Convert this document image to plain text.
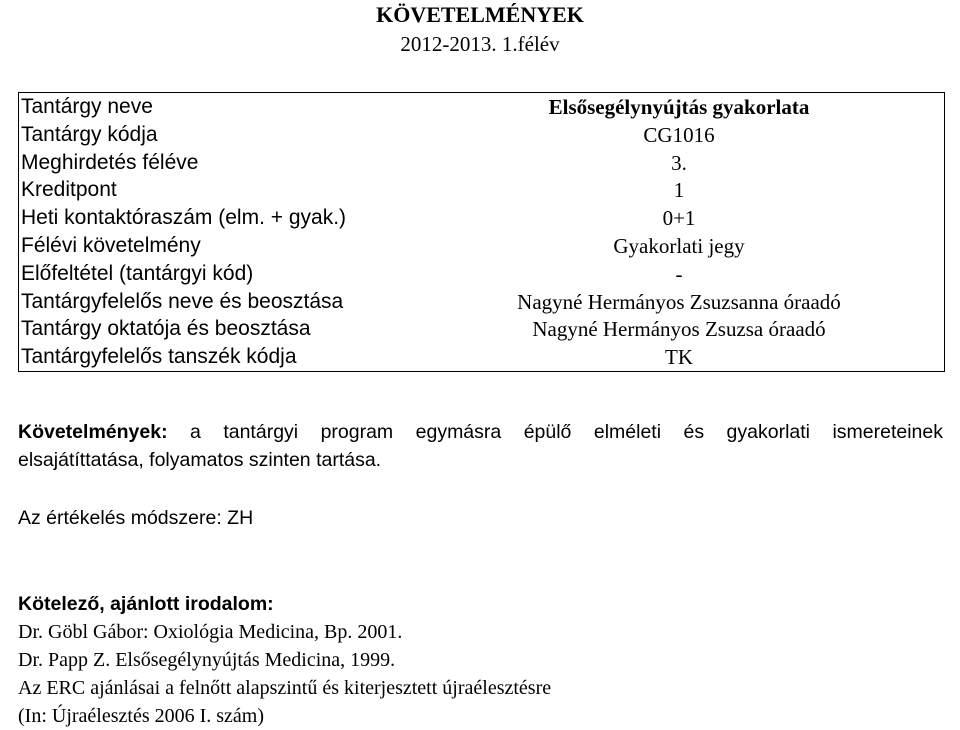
KÖVETELMÉNYEK
2012-2013. 1.félév
Tantárgy neve	Elsősegélynyújtás gyakorlata
Tantárgy kódja	CG1016
Meghirdetés féléve	3.
Kreditpont	1
Heti kontaktóraszám (elm. + gyak.)	0+1
Félévi követelmény	Gyakorlati jegy
Előfeltétel (tantárgyi kód)	-
Tantárgyfelelős neve és beosztása	Nagyné Hermányos Zsuzsanna óraadó
Tantárgy oktatója és beosztása	Nagyné Hermányos Zsuzsa óraadó
Tantárgyfelelős tanszék kódja	TK
Követelmények: a tantárgyi program egymásra épülő elméleti és gyakorlati ismereteinek
elsajátíttatása, folyamatos szinten tartása.
Az értékelés módszere: ZH
Kötelező, ajánlott irodalom:
Dr. Göbl Gábor: Oxiológia Medicina, Bp. 2001.
Dr. Papp Z. Elsősegélynyújtás Medicina, 1999.
Az ERC ajánlásai a felnőtt alapszintű és kiterjesztett újraélesztésre
(In: Újraélesztés 2006 I. szám)
